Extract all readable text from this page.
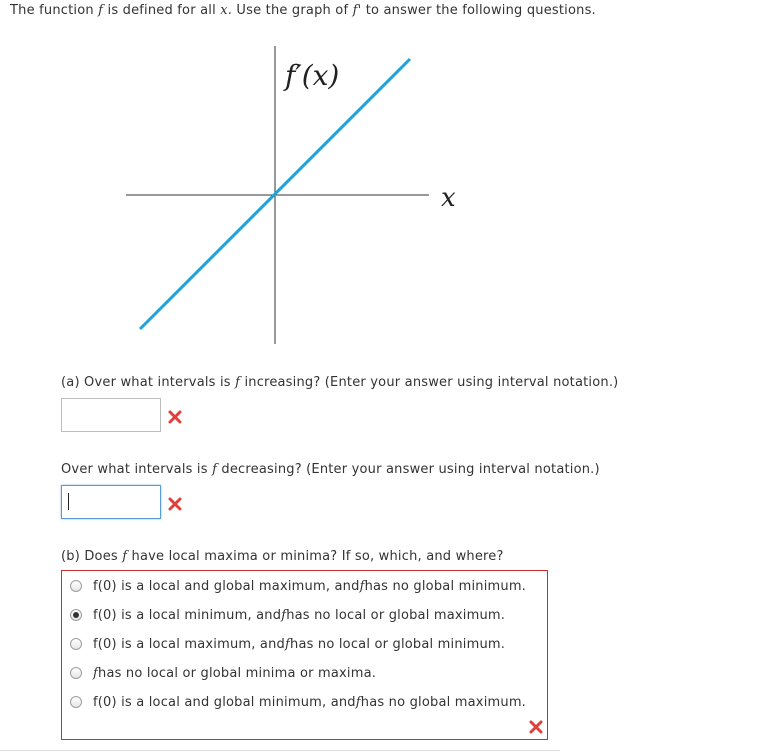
The function f is defined for all x. Use the graph of f' to answer the following questions.
f′(x)
x
(a) Over what intervals is f increasing? (Enter your answer using interval notation.)
Over what intervals is f decreasing? (Enter your answer using interval notation.)
(b) Does f have local maxima or minima? If so, which, and where?
f(0) is a local and global maximum, and f has no global minimum.
f(0) is a local minimum, and f has no local or global maximum.
f(0) is a local maximum, and f has no local or global minimum.
f has no local or global minima or maxima.
f(0) is a local and global minimum, and f has no global maximum.
